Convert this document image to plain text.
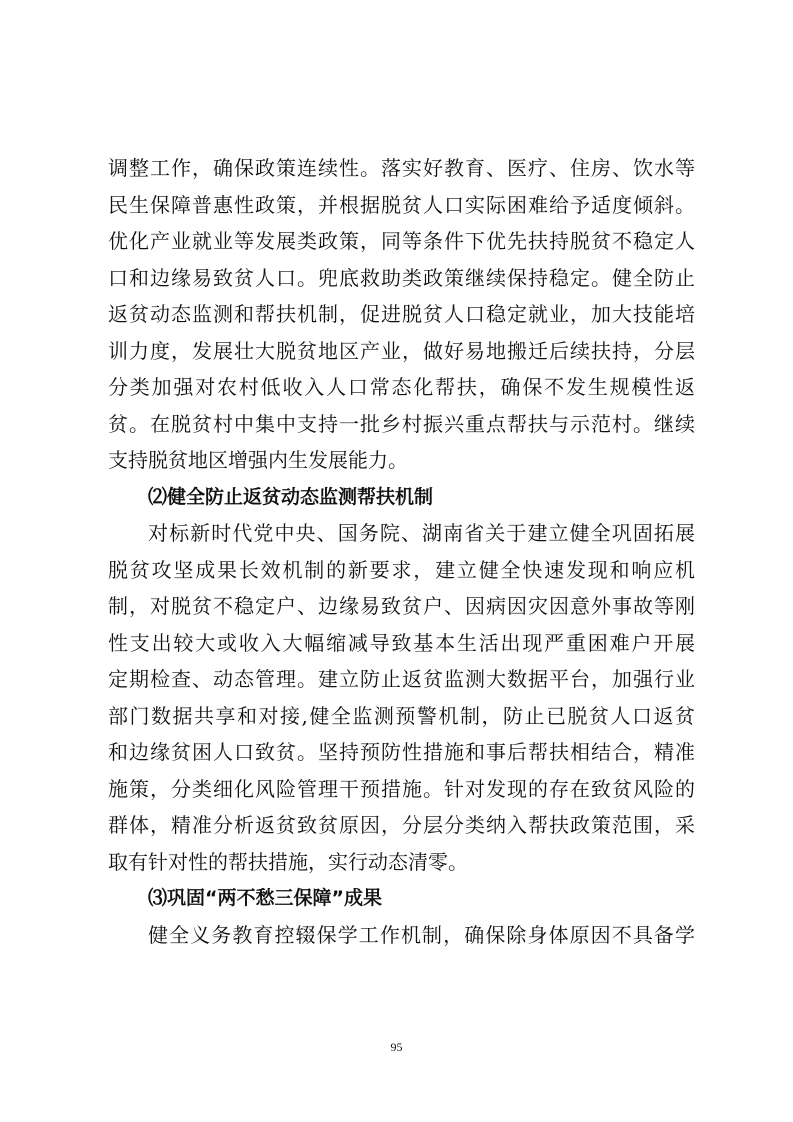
调整工作，确保政策连续性。落实好教育、医疗、住房、饮水等
民生保障普惠性政策，并根据脱贫人口实际困难给予适度倾斜。
优化产业就业等发展类政策，同等条件下优先扶持脱贫不稳定人
口和边缘易致贫人口。兜底救助类政策继续保持稳定。健全防止
返贫动态监测和帮扶机制，促进脱贫人口稳定就业，加大技能培
训力度，发展壮大脱贫地区产业，做好易地搬迁后续扶持，分层
分类加强对农村低收入人口常态化帮扶，确保不发生规模性返
贫。在脱贫村中集中支持一批乡村振兴重点帮扶与示范村。继续
支持脱贫地区增强内生发展能力。
⑵健全防止返贫动态监测帮扶机制
对标新时代党中央、国务院、湖南省关于建立健全巩固拓展
脱贫攻坚成果长效机制的新要求，建立健全快速发现和响应机
制，对脱贫不稳定户、边缘易致贫户、因病因灾因意外事故等刚
性支出较大或收入大幅缩减导致基本生活出现严重困难户开展
定期检查、动态管理。建立防止返贫监测大数据平台，加强行业
部门数据共享和对接,健全监测预警机制，防止已脱贫人口返贫
和边缘贫困人口致贫。坚持预防性措施和事后帮扶相结合，精准
施策，分类细化风险管理干预措施。针对发现的存在致贫风险的
群体，精准分析返贫致贫原因，分层分类纳入帮扶政策范围，采
取有针对性的帮扶措施，实行动态清零。
⑶巩固“两不愁三保障”成果
健全义务教育控辍保学工作机制，确保除身体原因不具备学
95
